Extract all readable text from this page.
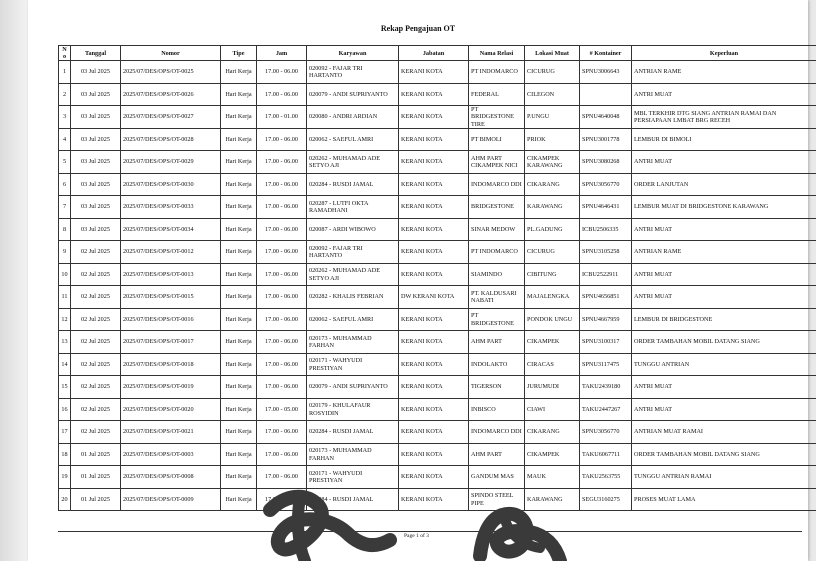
Rekap Pengajuan OT
No	Tanggal	Nomor	Tipe	Jam	Karyawan	Jabatan	Nama Relasi	Lokasi Muat	# Kontainer	Keperluan
1	03 Jul 2025	2025/07/DES/OPS/OT-0025	Hari Kerja	17.00 - 06.00	020092 - FAJAR TRI HARTANTO	KERANI KOTA	PT INDOMARCO	CICURUG	SPNU3006643	ANTRIAN RAME
2	03 Jul 2025	2025/07/DES/OPS/OT-0026	Hari Kerja	17.00 - 06.00	020079 - ANDI SUPRIYANTO	KERANI KOTA	FEDERAL	CILEGON		ANTRI MUAT
3	03 Jul 2025	2025/07/DES/OPS/OT-0027	Hari Kerja	17.00 - 01.00	020080 - ANDRI ARDIAN	KERANI KOTA	PT BRIDGESTONE TIRE	P.UNGU	SPNU4640048	MBL TERKHIR DTG SIANG ANTRIAN RAMAI DAN PERSIAPAAN LMBAT BRG RECEH
4	03 Jul 2025	2025/07/DES/OPS/OT-0028	Hari Kerja	17.00 - 06.00	020062 - SAEFUL AMRI	KERANI KOTA	PT BIMOLI	PRIOK	SPNU3001778	LEMBUR DI BIMOLI
5	03 Jul 2025	2025/07/DES/OPS/OT-0029	Hari Kerja	17.00 - 06.00	020262 - MUHAMAD ADE SETYO AJI	KERANI KOTA	AHM PART CIKAMPEK NICI	CIKAMPEK KARAWANG	SPNU3080268	ANTRI MUAT
6	03 Jul 2025	2025/07/DES/OPS/OT-0030	Hari Kerja	17.00 - 06.00	020284 - RUSDI JAMAL	KERANI KOTA	INDOMARCO DDI	CIKARANG	SPNU3056770	ORDER LANJUTAN
7	03 Jul 2025	2025/07/DES/OPS/OT-0033	Hari Kerja	17.00 - 06.00	020287 - LUTFI OKTA RAMADHANI	KERANI KOTA	BRIDGESTONE	KARAWANG	SPNU4646431	LEMBUR MUAT DI BRIDGESTONE KARAWANG
8	03 Jul 2025	2025/07/DES/OPS/OT-0034	Hari Kerja	17.00 - 06.00	020087 - ARDI WIBOWO	KERANI KOTA	SINAR MEDOW	PL.GADUNG	ICBU2506335	ANTRI MUAT
9	02 Jul 2025	2025/07/DES/OPS/OT-0012	Hari Kerja	17.00 - 06.00	020092 - FAJAR TRI HARTANTO	KERANI KOTA	PT INDOMARCO	CICURUG	SPNU3105258	ANTRIAN RAME
10	02 Jul 2025	2025/07/DES/OPS/OT-0013	Hari Kerja	17.00 - 06.00	020262 - MUHAMAD ADE SETYO AJI	KERANI KOTA	SIAMINDO	CIBITUNG	ICBU2522911	ANTRI MUAT
11	02 Jul 2025	2025/07/DES/OPS/OT-0015	Hari Kerja	17.00 - 06.00	020282 - KHALIS FEBRIAN	DW KERANI KOTA	PT. KALDUSARI NABATI	MAJALENGKA	SPNU4656851	ANTRI MUAT
12	02 Jul 2025	2025/07/DES/OPS/OT-0016	Hari Kerja	17.00 - 06.00	020062 - SAEFUL AMRI	KERANI KOTA	PT BRIDGESTONE	PONDOK UNGU	SPNU4667959	LEMBUR DI BRIDGESTONE
13	02 Jul 2025	2025/07/DES/OPS/OT-0017	Hari Kerja	17.00 - 06.00	020173 - MUHAMMAD FARHAN	KERANI KOTA	AHM PART	CIKAMPEK	SPNU3100317	ORDER TAMBAHAN MOBIL DATANG SIANG
14	02 Jul 2025	2025/07/DES/OPS/OT-0018	Hari Kerja	17.00 - 06.00	020171 - WAHYUDI PRESTIYAN	KERANI KOTA	INDOLAKTO	CIRACAS	SPNU3117475	TUNGGU ANTRIAN
15	02 Jul 2025	2025/07/DES/OPS/OT-0019	Hari Kerja	17.00 - 06.00	020079 - ANDI SUPRIYANTO	KERANI KOTA	TIGERSON	JURUMUDI	TAKU2439180	ANTRI MUAT
16	02 Jul 2025	2025/07/DES/OPS/OT-0020	Hari Kerja	17.00 - 05.00	020179 - KHULAFAUR ROSYIDIN	KERANI KOTA	INBISCO	CIAWI	TAKU2447267	ANTRI MUAT
17	02 Jul 2025	2025/07/DES/OPS/OT-0021	Hari Kerja	17.00 - 06.00	020284 - RUSDI JAMAL	KERANI KOTA	INDOMARCO DDI	CIKARANG	SPNU3056770	ANTRIAN MUAT RAMAI
18	01 Jul 2025	2025/07/DES/OPS/OT-0003	Hari Kerja	17.00 - 06.00	020173 - MUHAMMAD FARHAN	KERANI KOTA	AHM PART	CIKAMPEK	TAKU6067711	ORDER TAMBAHAN MOBIL DATANG SIANG
19	01 Jul 2025	2025/07/DES/OPS/OT-0008	Hari Kerja	17.00 - 06.00	020171 - WAHYUDI PRESTIYAN	KERANI KOTA	GANDUM MAS	MAUK	TAKU2563755	TUNGGU ANTRIAN RAMAI
20	01 Jul 2025	2025/07/DES/OPS/OT-0009	Hari Kerja	17.00 - 06.00	020284 - RUSDI JAMAL	KERANI KOTA	SPINDO STEEL PIPE	KARAWANG	SEGU3160275	PROSES MUAT LAMA
Page 1 of 3
